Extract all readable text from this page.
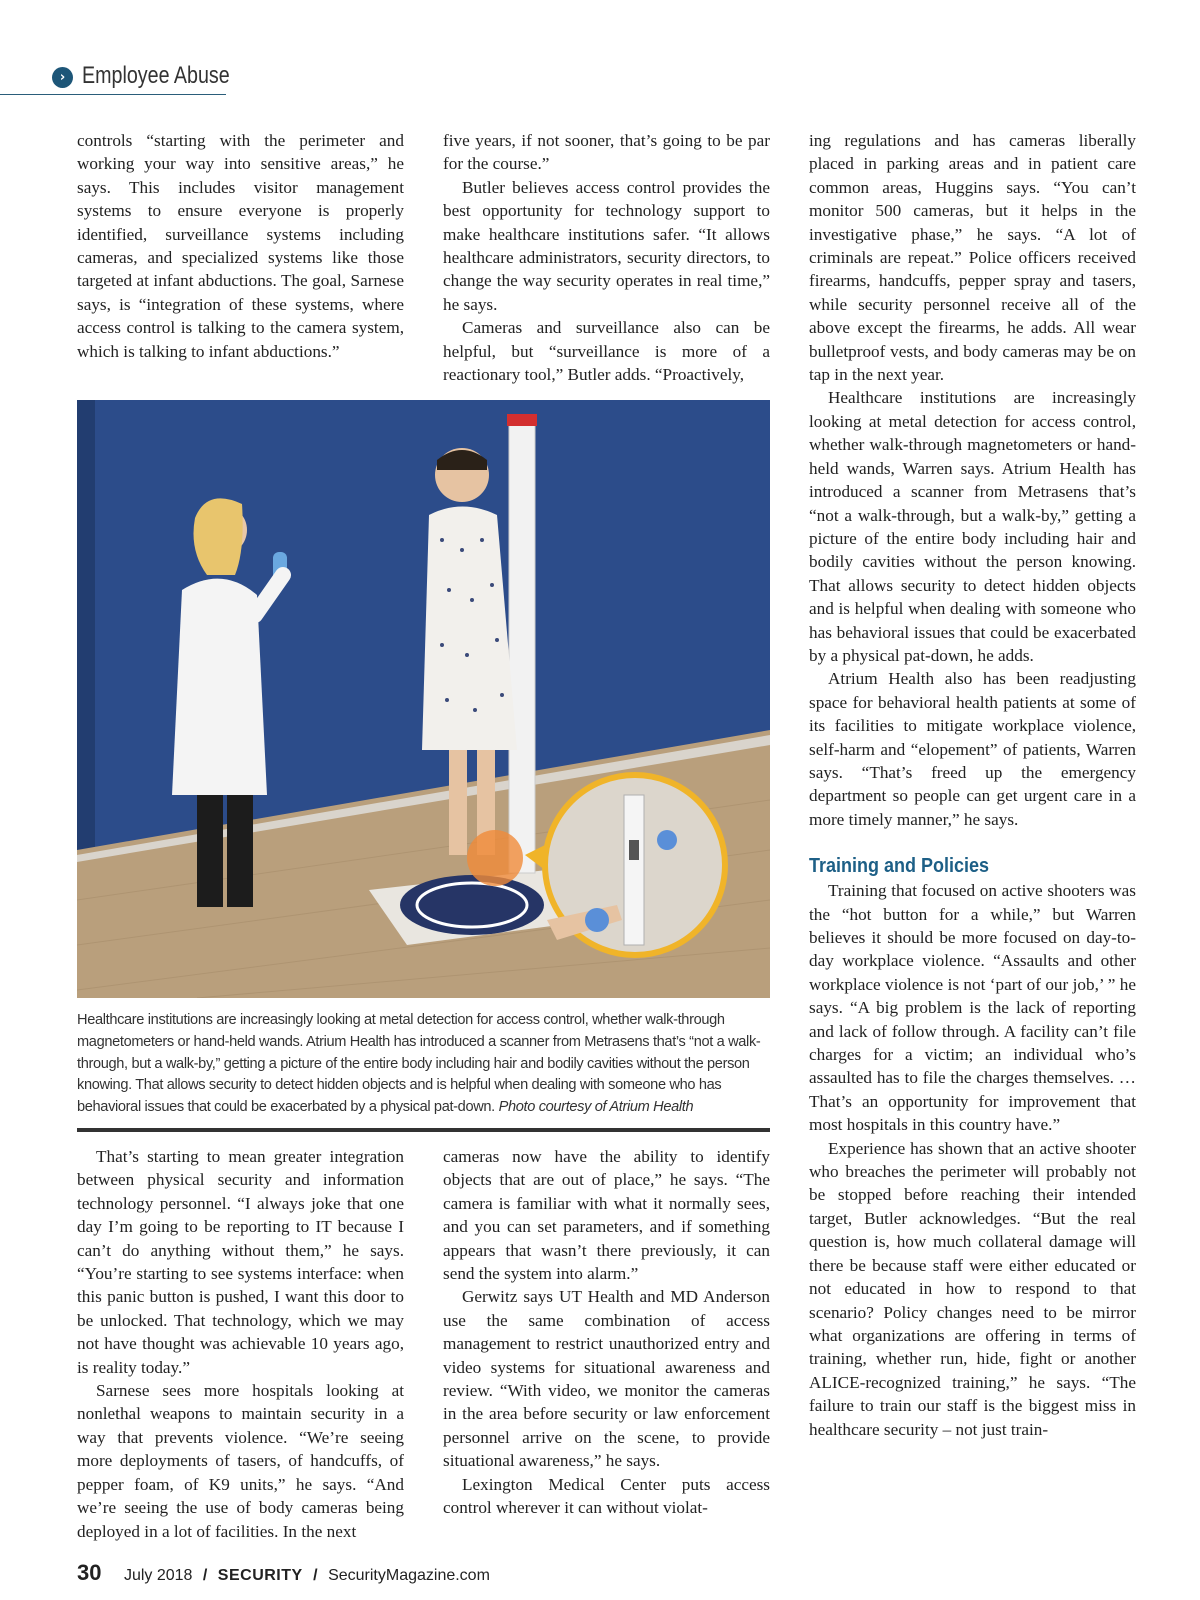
› Employee Abuse

controls “starting with the perimeter and working your way into sensitive areas,” he says. This includes visitor management systems to ensure everyone is properly identified, surveillance systems including cameras, and specialized systems like those targeted at infant abductions. The goal, Sarnese says, is “integration of these systems, where access control is talking to the camera system, which is talking to infant abductions.”

five years, if not sooner, that’s going to be par for the course.”

Butler believes access control provides the best opportunity for technology support to make healthcare institutions safer. “It allows healthcare administrators, security directors, to change the way security operates in real time,” he says.

Cameras and surveillance also can be helpful, but “surveillance is more of a reactionary tool,” Butler adds. “Proactively,

ing regulations and has cameras liberally placed in parking areas and in patient care common areas, Huggins says. “You can’t monitor 500 cameras, but it helps in the investigative phase,” he says. “A lot of criminals are repeat.” Police officers received firearms, handcuffs, pepper spray and tasers, while security personnel receive all of the above except the firearms, he adds. All wear bulletproof vests, and body cameras may be on tap in the next year.

Healthcare institutions are increasingly looking at metal detection for access control, whether walk-through magnetometers or hand-held wands, Warren says. Atrium Health has introduced a scanner from Metrasens that’s “not a walk-through, but a walk-by,” getting a picture of the entire body including hair and bodily cavities without the person knowing. That allows security to detect hidden objects and is helpful when dealing with someone who has behavioral issues that could be exacerbated by a physical pat-down, he adds.

Atrium Health also has been readjusting space for behavioral health patients at some of its facilities to mitigate workplace violence, self-harm and “elopement” of patients, Warren says. “That’s freed up the emergency department so people can get urgent care in a more timely manner,” he says.

Training and Policies

Training that focused on active shooters was the “hot button for a while,” but Warren believes it should be more focused on day-to-day workplace violence. “Assaults and other workplace violence is not ‘part of our job,’ ” he says. “A big problem is the lack of reporting and lack of follow through. A facility can’t file charges for a victim; an individual who’s assaulted has to file the charges themselves. … That’s an opportunity for improvement that most hospitals in this country have.”

Experience has shown that an active shooter who breaches the perimeter will probably not be stopped before reaching their intended target, Butler acknowledges. “But the real question is, how much collateral damage will there be because staff were either educated or not educated in how to respond to that scenario? Policy changes need to be mirror what organizations are offering in terms of training, whether run, hide, fight or another ALICE-recognized training,” he says. “The failure to train our staff is the biggest miss in healthcare security – not just train-

Healthcare institutions are increasingly looking at metal detection for access control, whether walk-through magnetometers or hand-held wands. Atrium Health has introduced a scanner from Metrasens that’s “not a walk-through, but a walk-by,” getting a picture of the entire body including hair and bodily cavities without the person knowing. That allows security to detect hidden objects and is helpful when dealing with someone who has behavioral issues that could be exacerbated by a physical pat-down. Photo courtesy of Atrium Health

That’s starting to mean greater integration between physical security and information technology personnel. “I always joke that one day I’m going to be reporting to IT because I can’t do anything without them,” he says. “You’re starting to see systems interface: when this panic button is pushed, I want this door to be unlocked. That technology, which we may not have thought was achievable 10 years ago, is reality today.”

Sarnese sees more hospitals looking at nonlethal weapons to maintain security in a way that prevents violence. “We’re seeing more deployments of tasers, of handcuffs, of pepper foam, of K9 units,” he says. “And we’re seeing the use of body cameras being deployed in a lot of facilities. In the next

cameras now have the ability to identify objects that are out of place,” he says. “The camera is familiar with what it normally sees, and you can set parameters, and if something appears that wasn’t there previously, it can send the system into alarm.”

Gerwitz says UT Health and MD Anderson use the same combination of access management to restrict unauthorized entry and video systems for situational awareness and review. “With video, we monitor the cameras in the area before security or law enforcement personnel arrive on the scene, to provide situational awareness,” he says.

Lexington Medical Center puts access control wherever it can without violat-

30 July 2018 / SECURITY / SecurityMagazine.com
